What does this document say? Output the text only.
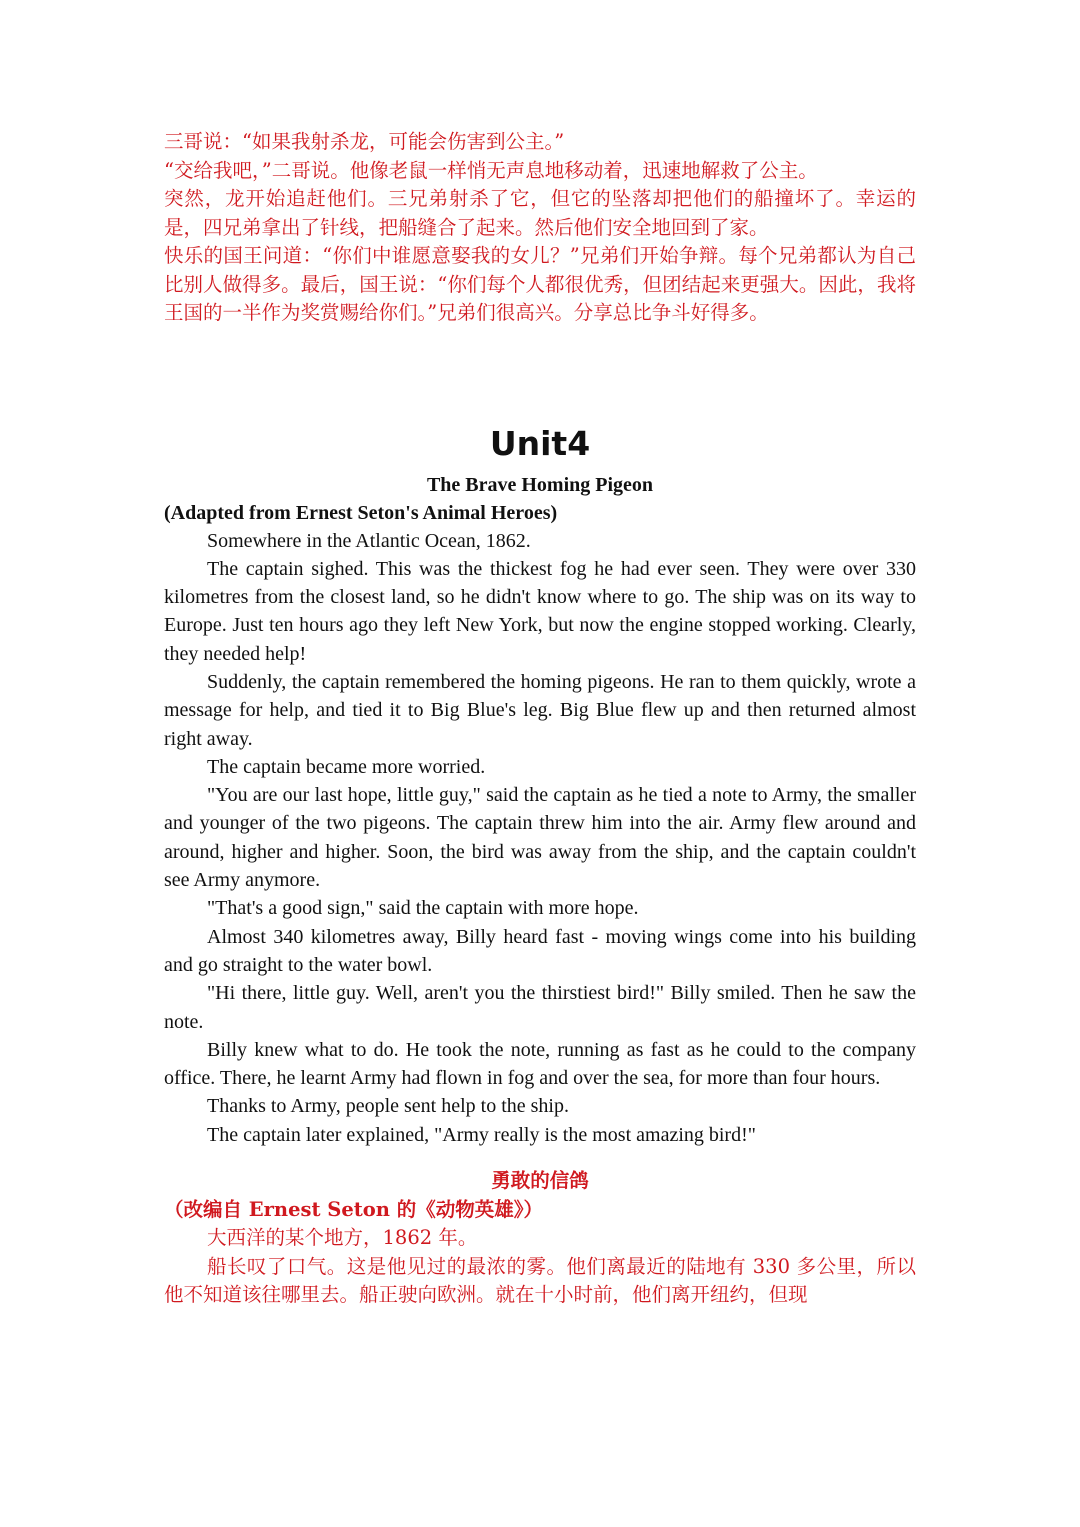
三哥说：“如果我射杀龙，可能会伤害到公主。”

“交给我吧，”二哥说。他像老鼠一样悄无声息地移动着，迅速地解救了公主。

突然，龙开始追赶他们。三兄弟射杀了它，但它的坠落却把他们的船撞坏了。幸运的是，四兄弟拿出了针线，把船缝合了起来。然后他们安全地回到了家。

快乐的国王问道：“你们中谁愿意娶我的女儿？”兄弟们开始争辩。每个兄弟都认为自己比别人做得多。最后，国王说：“你们每个人都很优秀，但团结起来更强大。因此，我将王国的一半作为奖赏赐给你们。”兄弟们很高兴。分享总比争斗好得多。

Unit4
The Brave Homing Pigeon

(Adapted from Ernest Seton's Animal Heroes)

Somewhere in the Atlantic Ocean, 1862.

The captain sighed. This was the thickest fog he had ever seen. They were over 330 kilometres from the closest land, so he didn't know where to go. The ship was on its way to Europe. Just ten hours ago they left New York, but now the engine stopped working. Clearly, they needed help!

Suddenly, the captain remembered the homing pigeons. He ran to them quickly, wrote a message for help, and tied it to Big Blue's leg. Big Blue flew up and then returned almost right away.

The captain became more worried.

"You are our last hope, little guy," said the captain as he tied a note to Army, the smaller and younger of the two pigeons. The captain threw him into the air. Army flew around and around, higher and higher. Soon, the bird was away from the ship, and the captain couldn't see Army anymore.

"That's a good sign," said the captain with more hope.

Almost 340 kilometres away, Billy heard fast - moving wings come into his building and go straight to the water bowl.

"Hi there, little guy. Well, aren't you the thirstiest bird!" Billy smiled. Then he saw the note.

Billy knew what to do. He took the note, running as fast as he could to the company office. There, he learnt Army had flown in fog and over the sea, for more than four hours.

Thanks to Army, people sent help to the ship.

The captain later explained, "Army really is the most amazing bird!"

勇敢的信鸽

（改编自 Ernest Seton 的《动物英雄》）

大西洋的某个地方，1862 年。

船长叹了口气。这是他见过的最浓的雾。他们离最近的陆地有 330 多公里，所以他不知道该往哪里去。船正驶向欧洲。就在十小时前，他们离开纽约，但现
